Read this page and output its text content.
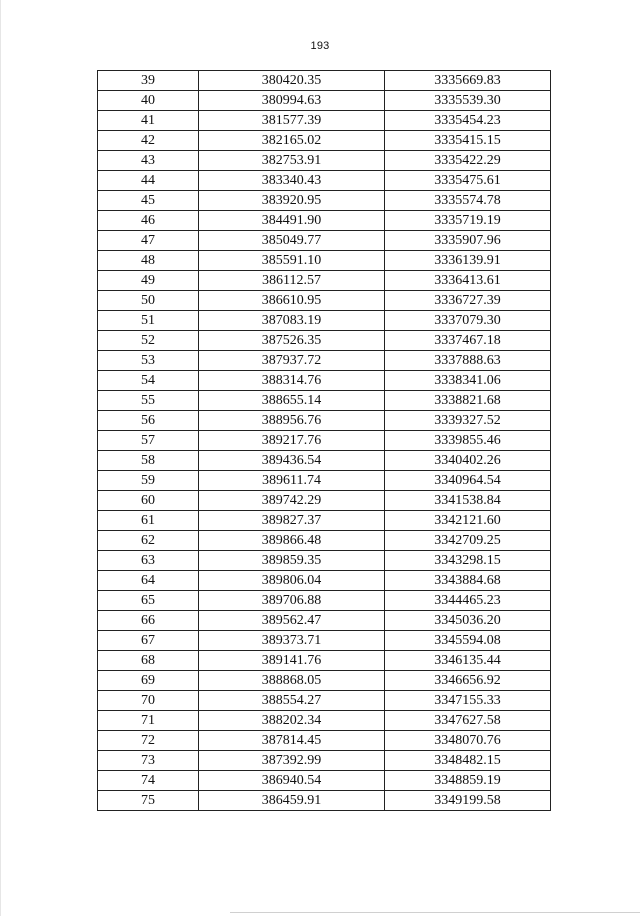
193
39	380420.35	3335669.83
40	380994.63	3335539.30
41	381577.39	3335454.23
42	382165.02	3335415.15
43	382753.91	3335422.29
44	383340.43	3335475.61
45	383920.95	3335574.78
46	384491.90	3335719.19
47	385049.77	3335907.96
48	385591.10	3336139.91
49	386112.57	3336413.61
50	386610.95	3336727.39
51	387083.19	3337079.30
52	387526.35	3337467.18
53	387937.72	3337888.63
54	388314.76	3338341.06
55	388655.14	3338821.68
56	388956.76	3339327.52
57	389217.76	3339855.46
58	389436.54	3340402.26
59	389611.74	3340964.54
60	389742.29	3341538.84
61	389827.37	3342121.60
62	389866.48	3342709.25
63	389859.35	3343298.15
64	389806.04	3343884.68
65	389706.88	3344465.23
66	389562.47	3345036.20
67	389373.71	3345594.08
68	389141.76	3346135.44
69	388868.05	3346656.92
70	388554.27	3347155.33
71	388202.34	3347627.58
72	387814.45	3348070.76
73	387392.99	3348482.15
74	386940.54	3348859.19
75	386459.91	3349199.58
